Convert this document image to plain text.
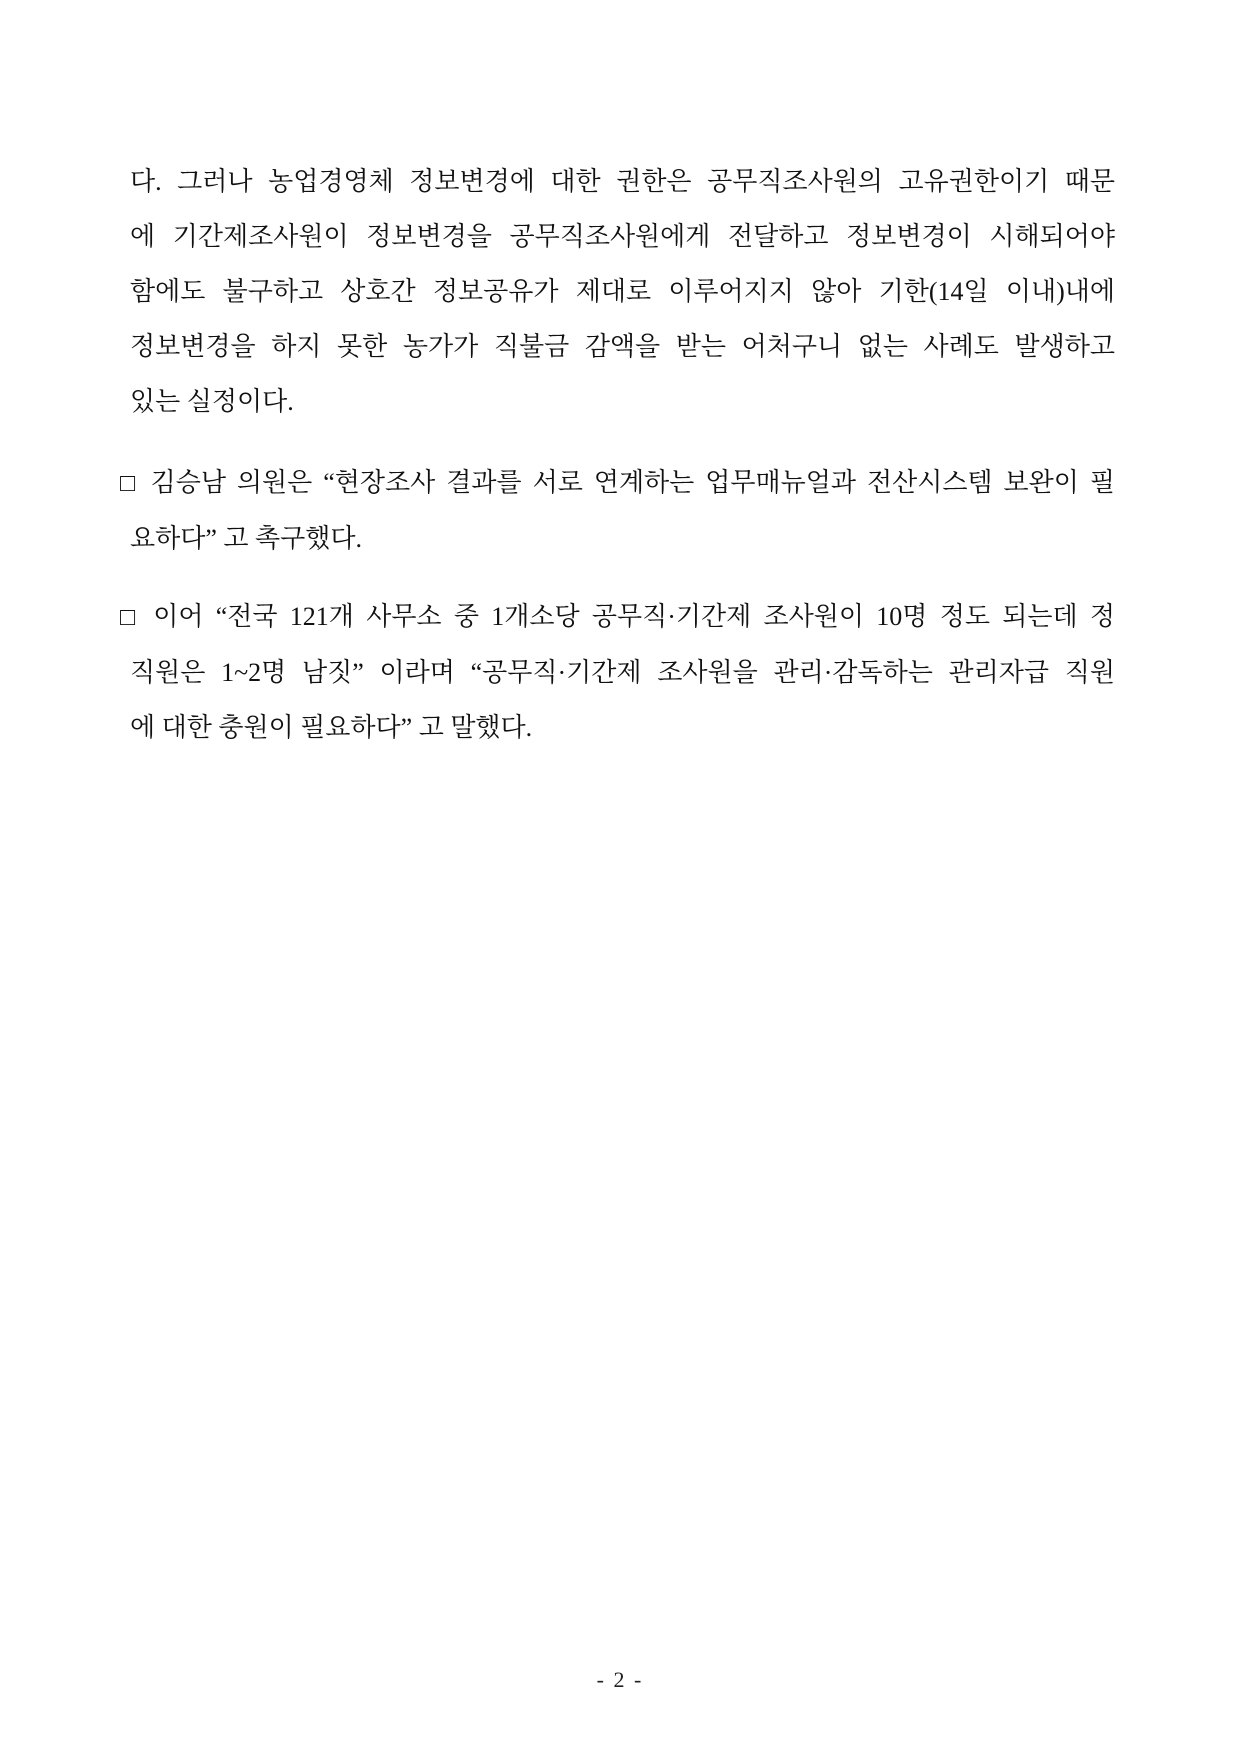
다. 그러나 농업경영체 정보변경에 대한 권한은 공무직조사원의 고유권한이기 때문
에 기간제조사원이 정보변경을 공무직조사원에게 전달하고 정보변경이 시해되어야
함에도 불구하고 상호간 정보공유가 제대로 이루어지지 않아 기한(14일 이내)내에
정보변경을 하지 못한 농가가 직불금 감액을 받는 어처구니 없는 사례도 발생하고
있는 실정이다.
□ 김승남 의원은 “현장조사 결과를 서로 연계하는 업무매뉴얼과 전산시스템 보완이 필
요하다” 고 촉구했다.
□ 이어 “전국 121개 사무소 중 1개소당 공무직·기간제 조사원이 10명 정도 되는데 정
직원은 1~2명 남짓” 이라며 “공무직·기간제 조사원을 관리·감독하는 관리자급 직원
에 대한 충원이 필요하다” 고 말했다.
- 2 -
